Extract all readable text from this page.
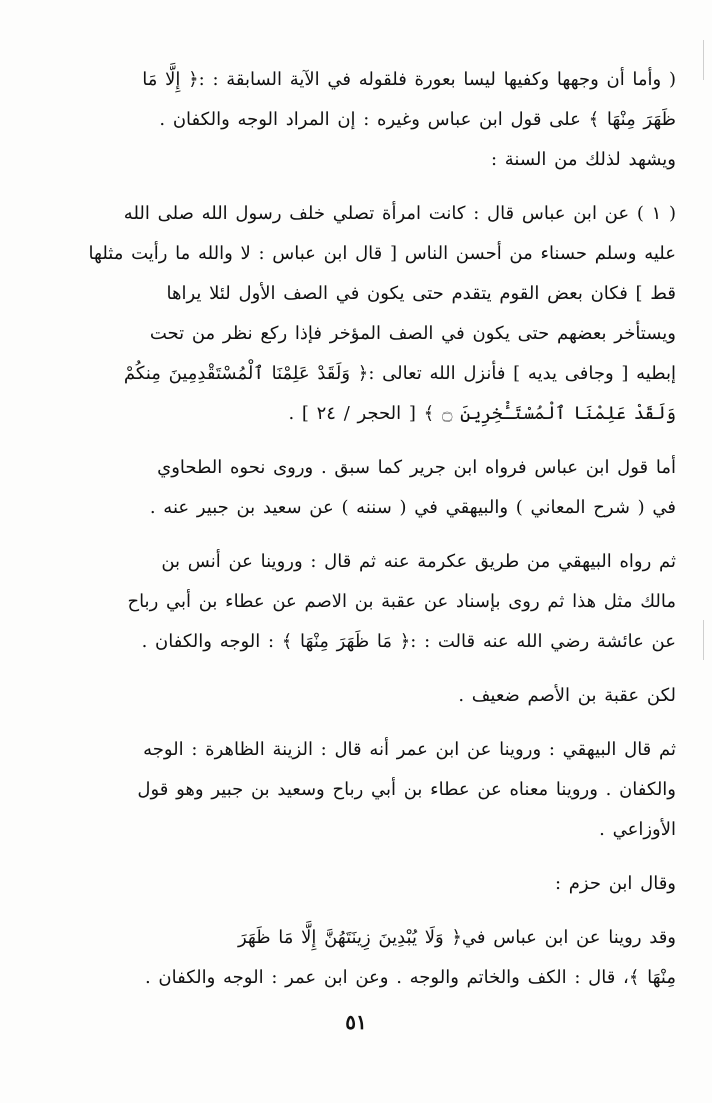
( وأما أن وجهها وكفيها ليسا بعورة فلقوله في الآية السابقة : :﴿ إِلَّا مَا
ظَهَرَ مِنْهَا ﴾ على قول ابن عباس وغيره : إن المراد الوجه والكفان .
ويشهد لذلك من السنة :

( ١ ) عن ابن عباس قال : كانت امرأة تصلي خلف رسول الله صلى الله
عليه وسلم حسناء من أحسن الناس [ قال ابن عباس : لا والله ما رأيت مثلها
قط ] فكان بعض القوم يتقدم حتى يكون في الصف الأول لئلا يراها
ويستأخر بعضهم حتى يكون في الصف المؤخر فإذا ركع نظر من تحت
إبطيه [ وجافى يديه ] فأنزل الله تعالى :﴿ وَلَقَدْ عَلِمْنَا ٱلْمُسْتَقْدِمِينَ مِنكُمْ
وَلَقَدْ عَلِمْنَا ٱلْمُسْتَـْٔخِرِينَ ۝ ﴾ [ الحجر / ٢٤ ] .

أما قول ابن عباس فرواه ابن جرير كما سبق . وروى نحوه الطحاوي
في ( شرح المعاني ) والبيهقي في ( سننه ) عن سعيد بن جبير عنه .

ثم رواه البيهقي من طريق عكرمة عنه ثم قال : وروينا عن أنس بن
مالك مثل هذا ثم روى بإسناد عن عقبة بن الاصم عن عطاء بن أبي رباح
عن عائشة رضي الله عنه قالت : :﴿ مَا ظَهَرَ مِنْهَا ﴾ : الوجه والكفان .

لكن عقبة بن الأصم ضعيف .

ثم قال البيهقي : وروينا عن ابن عمر أنه قال : الزينة الظاهرة : الوجه
والكفان . وروينا معناه عن عطاء بن أبي رباح وسعيد بن جبير وهو قول
الأوزاعي .

وقال ابن حزم :

وقد روينا عن ابن عباس في﴿ وَلَا يُبْدِينَ زِينَتَهُنَّ إِلَّا مَا ظَهَرَ
مِنْهَا ﴾، قال : الكف والخاتم والوجه . وعن ابن عمر : الوجه والكفان .

٥١
